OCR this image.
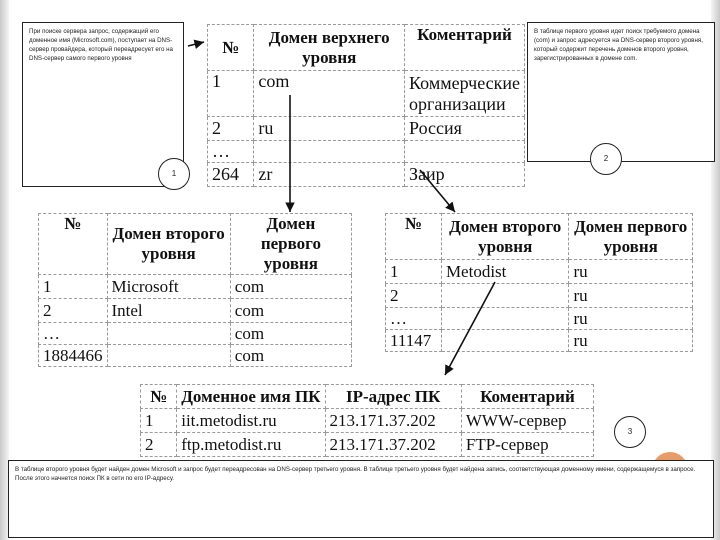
При поиске сервера запрос, содержащий его доменное имя (Microsoft.com), поступает на DNS-сервер провайдера, который переадресует его на DNS-сервер самого первого уровня
1
В таблице первого уровня идет поиск требуемого домена (com) и запрос адресуется на DNS-сервер второго уровня, который содержит перечень доменов второго уровня, зарегистрированных в домене com.
2
№	Домен верхнего уровня	Коментарий
1	com	Коммерческие организации
2	ru	Россия
…		
264	zr	Заир
№	Домен второго уровня	Домен первого уровня
1	Microsoft	com
2	Intel	com
…		com
1884466		com
№	Домен второго уровня	Домен первого уровня
1	Metodist	ru
2		ru
…		ru
11147		ru
№	Доменное имя ПК	IP-адрес ПК	Коментарий
1	iit.metodist.ru	213.171.37.202	WWW-сервер
2	ftp.metodist.ru	213.171.37.202	FTP-сервер
В таблице второго уровня будет найден домен Microsoft и запрос будет переадресован на DNS-сервер третьего уровня. В таблице третьего уровня будет найдена запись, соответствующая доменному имени, содержащемуся в запросе. После этого начнется поиск ПК в сети по его IP-адресу.
3
